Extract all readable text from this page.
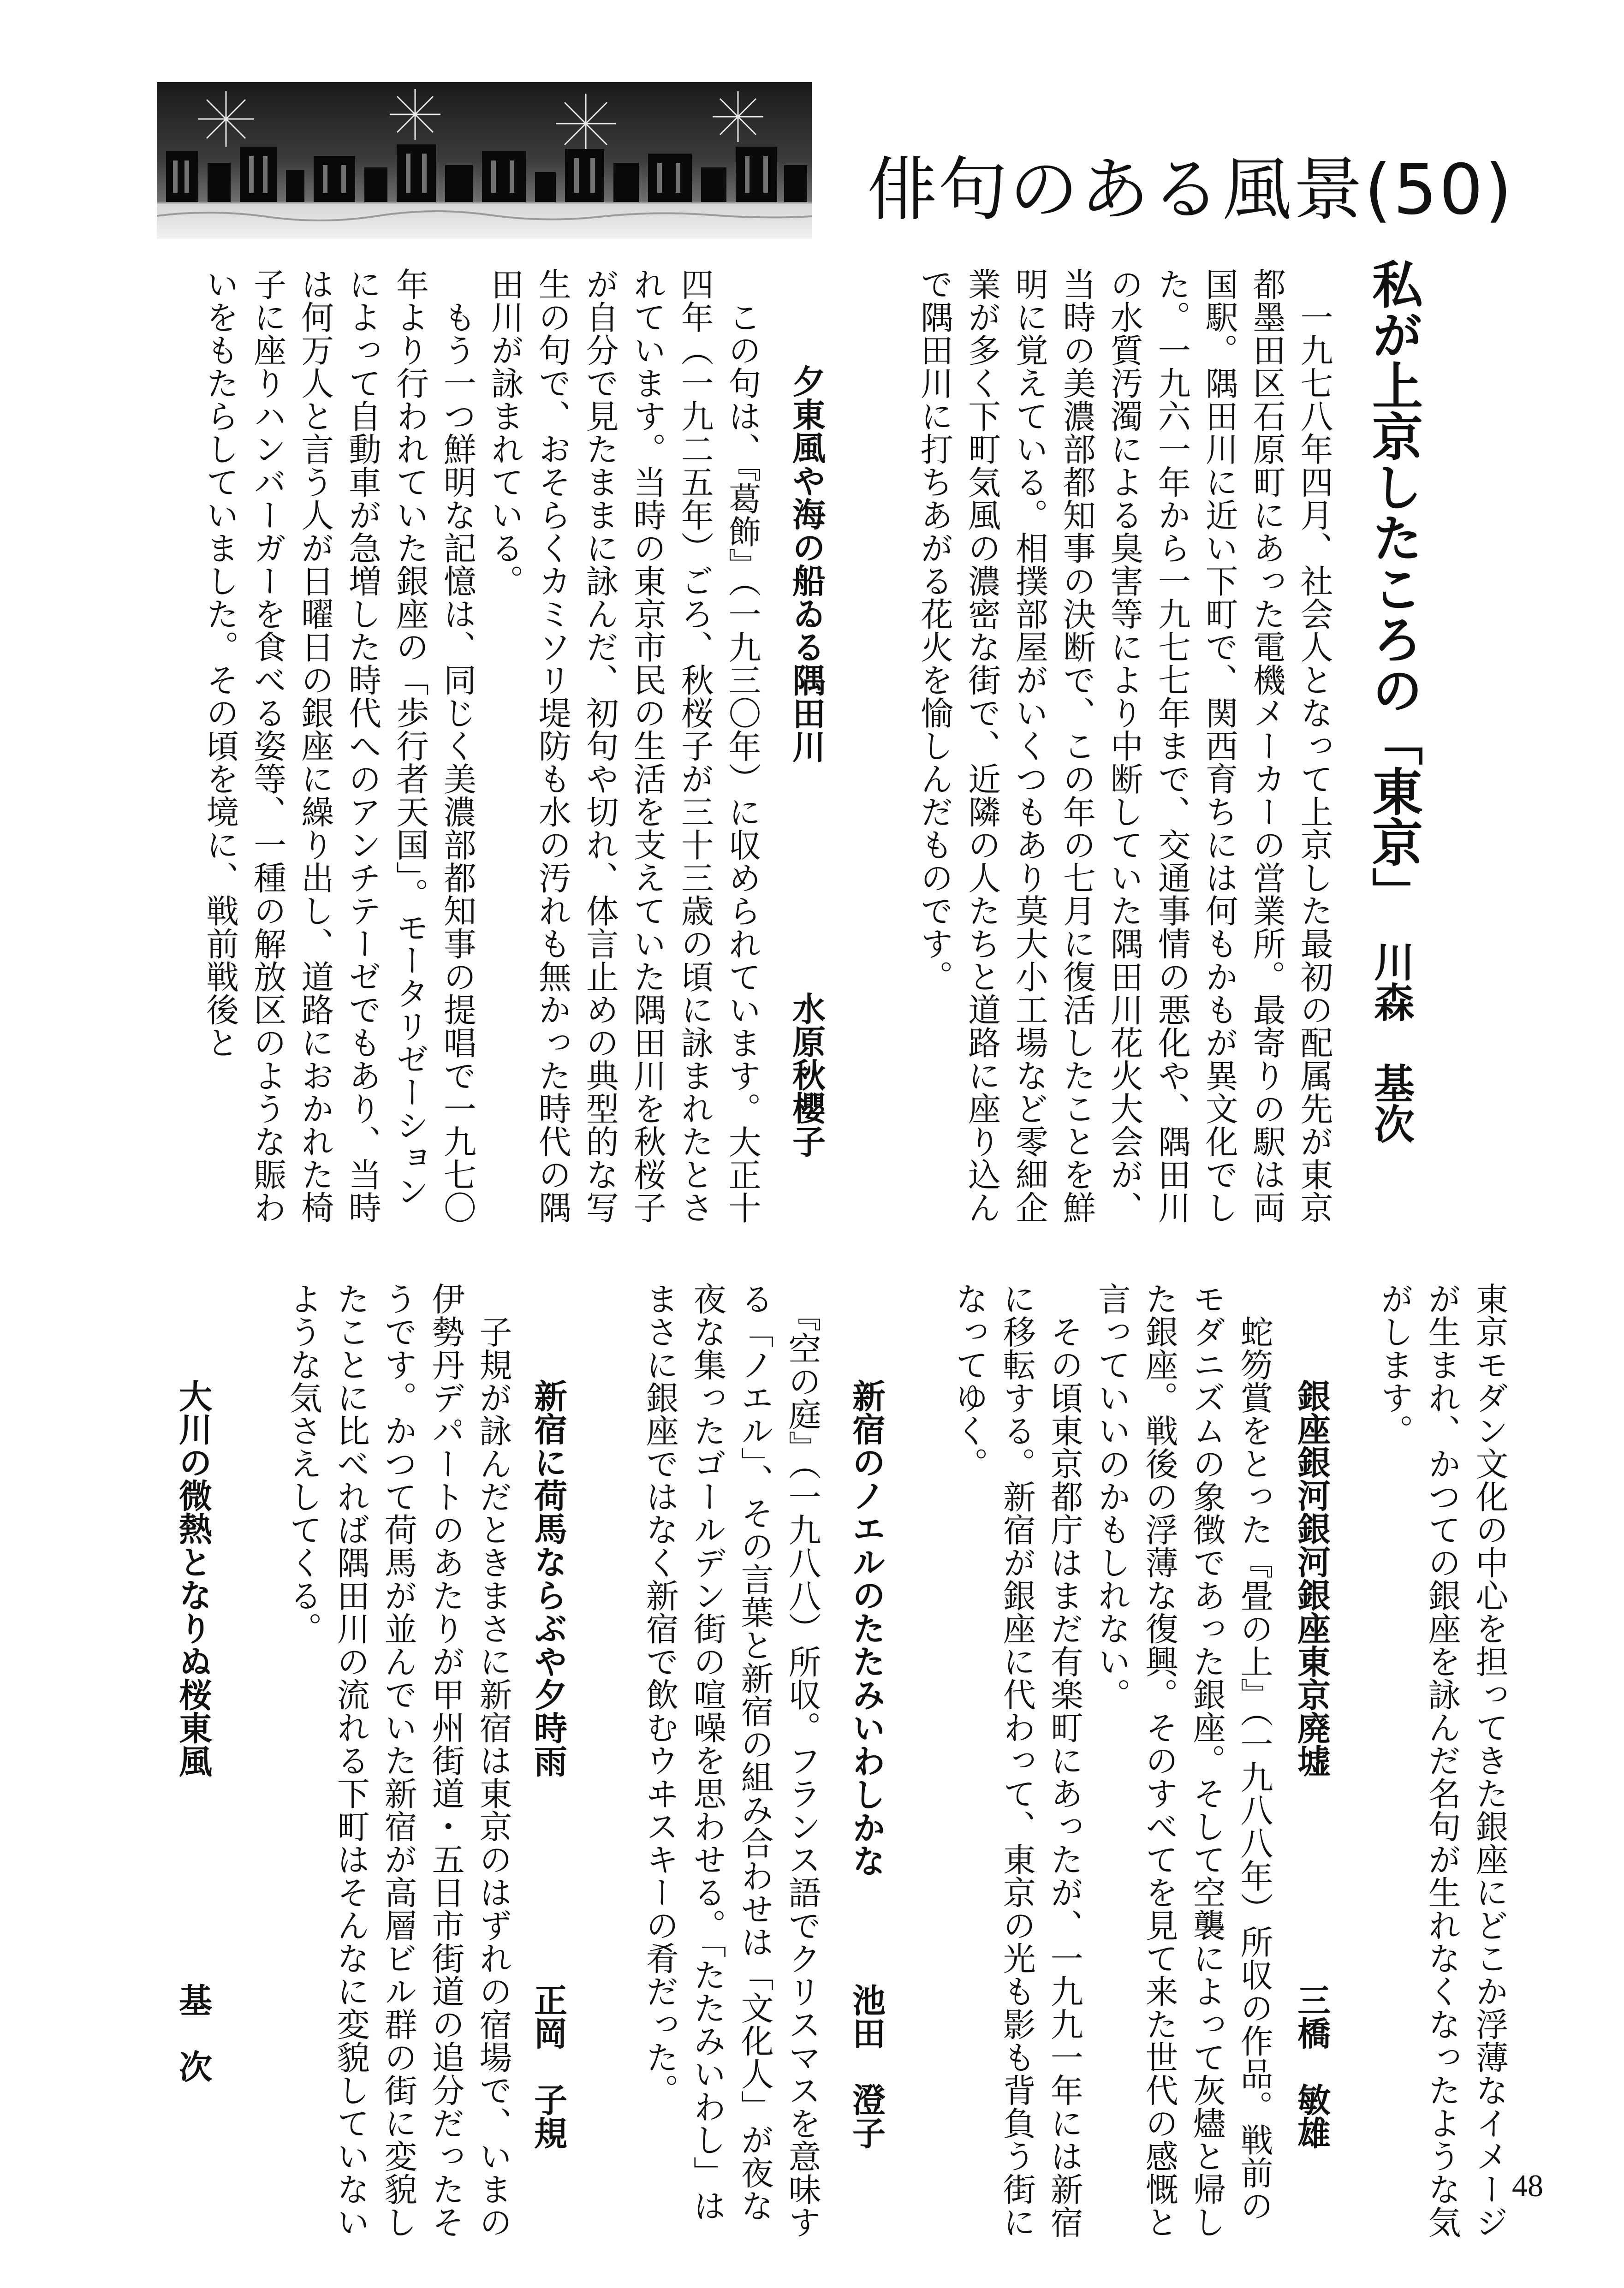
俳句のある風景(50)
私が上京したころの「東京」
川森　基次
　一九七八年四月、社会人となって上京した最初の配属先が東京都墨田区石原町にあった電機メーカーの営業所。最寄りの駅は両国駅。隅田川に近い下町で、関西育ちには何もかもが異文化でした。一九六一年から一九七七年まで、交通事情の悪化や、隅田川の水質汚濁による臭害等により中断していた隅田川花火大会が、当時の美濃部都知事の決断で、この年の七月に復活したことを鮮明に覚えている。相撲部屋がいくつもあり莫大小工場など零細企業が多く下町気風の濃密な街で、近隣の人たちと道路に座り込んで隅田川に打ちあがる花火を愉しんだものです。
夕東風や海の船ゐる隅田川
水原秋櫻子
　この句は、『葛飾』（一九三〇年）に収められています。大正十四年（一九二五年）ごろ、秋桜子が三十三歳の頃に詠まれたとされています。当時の東京市民の生活を支えていた隅田川を秋桜子が自分で見たままに詠んだ、初句や切れ、体言止めの典型的な写生の句で、おそらくカミソリ堤防も水の汚れも無かった時代の隅田川が詠まれている。
　もう一つ鮮明な記憶は、同じく美濃部都知事の提唱で一九七〇年より行われていた銀座の「歩行者天国」。モータリゼーションによって自動車が急増した時代へのアンチテーゼでもあり、当時は何万人と言う人が日曜日の銀座に繰り出し、道路におかれた椅子に座りハンバーガーを食べる姿等、一種の解放区のような賑わいをもたらしていました。その頃を境に、戦前戦後と
東京モダン文化の中心を担ってきた銀座にどこか浮薄なイメージが生まれ、かつての銀座を詠んだ名句が生れなくなったような気がします。
銀座銀河銀河銀座東京廃墟
三橋　敏雄
　蛇笏賞をとった『畳の上』（一九八八年）所収の作品。戦前のモダニズムの象徴であった銀座。そして空襲によって灰燼と帰した銀座。戦後の浮薄な復興。そのすべてを見て来た世代の感慨と言っていいのかもしれない。
　その頃東京都庁はまだ有楽町にあったが、一九九一年には新宿に移転する。新宿が銀座に代わって、東京の光も影も背負う街になってゆく。
新宿のノエルのたたみいわしかな
池田　澄子
　『空の庭』（一九八八）所収。フランス語でクリスマスを意味する「ノエル」、その言葉と新宿の組み合わせは「文化人」が夜な夜な集ったゴールデン街の喧噪を思わせる。「たたみいわし」はまさに銀座ではなく新宿で飲むウヰスキーの肴だった。
新宿に荷馬ならぶや夕時雨
正岡　子規
　子規が詠んだときまさに新宿は東京のはずれの宿場で、いまの伊勢丹デパートのあたりが甲州街道・五日市街道の追分だったそうです。かつて荷馬が並んでいた新宿が高層ビル群の街に変貌したことに比べれば隅田川の流れる下町はそんなに変貌していないような気さえしてくる。
大川の微熱となりぬ桜東風
基　次
48
